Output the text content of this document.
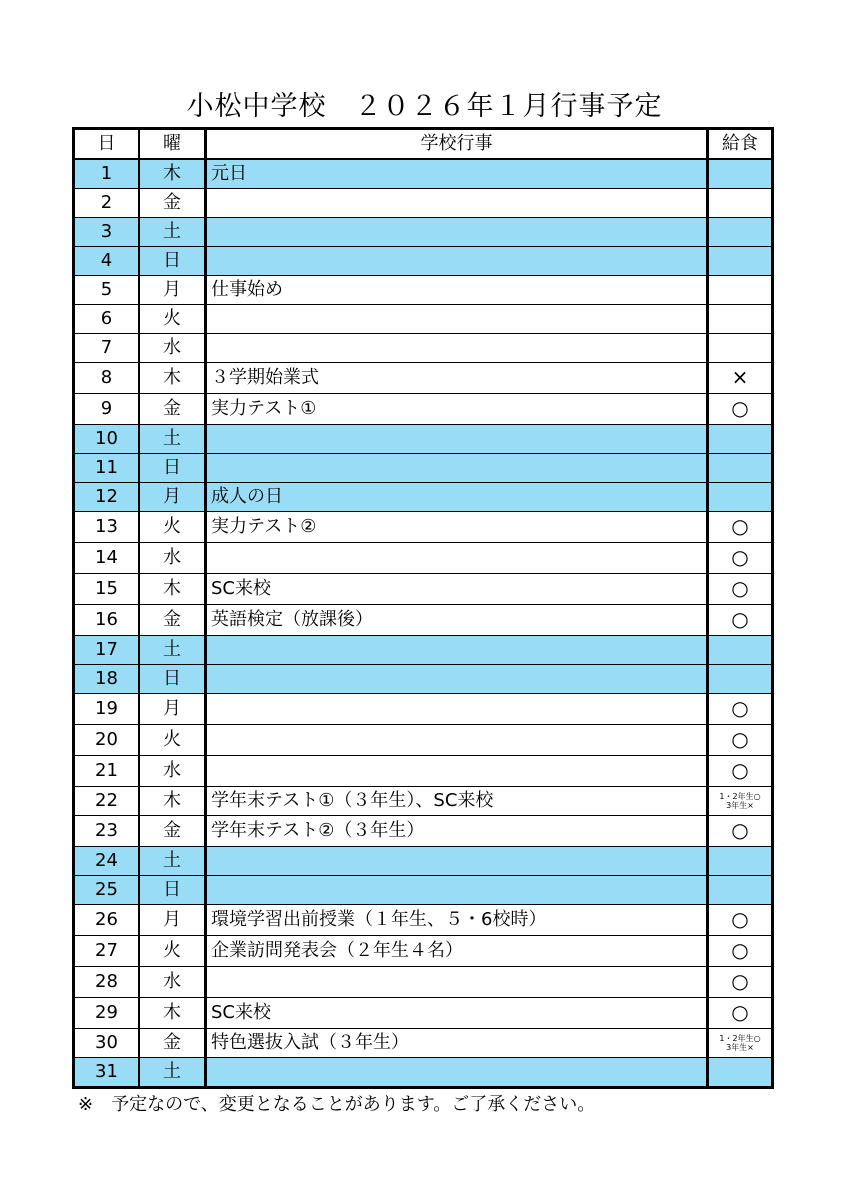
小松中学校　２０２６年１月行事予定
日	曜	学校行事	給食
1	木	元日	
2	金		
3	土		
4	日		
5	月	仕事始め	
6	火		
7	水		
8	木	３学期始業式	×
9	金	実力テスト①	○
10	土		
11	日		
12	月	成人の日	
13	火	実力テスト②	○
14	水		○
15	木	SC来校	○
16	金	英語検定（放課後）	○
17	土		
18	日		
19	月		○
20	火		○
21	水		○
22	木	学年末テスト①（３年生）、SC来校	1・2年生○
3年生×

23	金	学年末テスト②（３年生）	○
24	土		
25	日		
26	月	環境学習出前授業（１年生、５・6校時）	○
27	火	企業訪問発表会（２年生４名）	○
28	水		○
29	木	SC来校	○
30	金	特色選抜入試（３年生）	1・2年生○
3年生×

31	土		
※　予定なので、変更となることがあります。ご了承ください。
